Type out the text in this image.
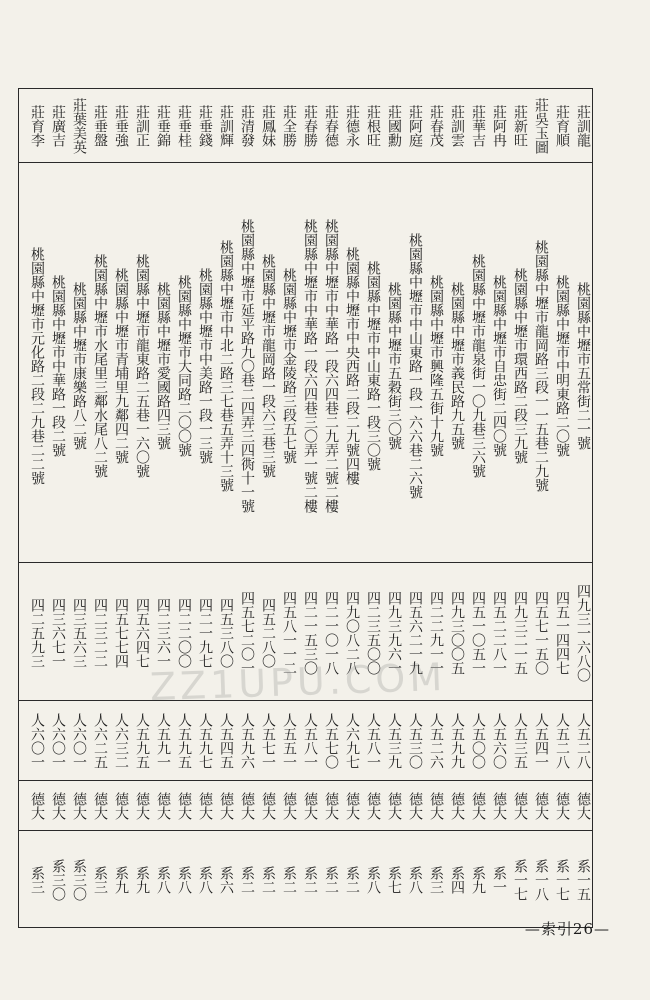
莊訓龍
莊育順
莊吳玉圖
莊新旺
莊阿冉
莊華吉
莊訓雲
莊春茂
莊阿庭
莊國勳
莊根旺
莊德永
莊春德
莊春勝
莊全勝
莊鳳妹
莊清發
莊訓輝
莊垂錢
莊垂桂
莊垂錦
莊訓正
莊垂強
莊垂盤
莊葉美英
莊廣吉
莊育李
桃園縣中壢市五常街二一號
桃園縣中壢市中明東路二〇號
桃園縣中壢市龍岡路三段一一五巷二九號
桃園縣中壢市環西路二段三九號
桃園縣中壢市自忠街二四〇號
桃園縣中壢市龍泉街一〇九巷三六號
桃園縣中壢市義民路九五號
桃園縣中壢市興隆五街十九號
桃園縣中壢市中山東路一段一六六巷二六號
桃園縣中壢市五穀街三〇號
桃園縣中壢市中山東路一段三〇號
桃園縣中壢市中央西路二段二九號四樓
桃園縣中壢市中華路一段六四巷二九弄二號二樓
桃園縣中壢市中華路一段六四巷三〇弄一號二樓
桃園縣中壢市金陵路三段五七號
桃園縣中壢市龍岡路一段六三巷三號
桃園縣中壢市延平路九〇巷二四弄三四衖十一號
桃園縣中壢市中北二路三七巷五弄十三號
桃園縣中壢市中美路一段一三號
桃園縣中壢市大同路二〇〇號
桃園縣中壢市愛國路四三號
桃園縣中壢市龍東路二五巷一六〇號
桃園縣中壢市青埔里九鄰四二號
桃園縣中壢市水尾里三鄰水尾八二號
桃園縣中壢市康樂路八二號
桃園縣中壢市中華路一段二號
桃園縣中壢市元化路二段二九巷二二號
四九三一六八〇
四五一四四七
四五七一五〇
四九三二一五
四五二二八一
四五一〇五一
四九三〇〇五
四二二九一一
四五六二一九
四九三九六一
四二三五〇〇
四九〇八二八
四二一〇一八
四二一五三〇
四五八一一二
四五二八〇
四五七二〇一
四五三八〇
四二一九七
四二二〇〇
四二三六一
四五六四七
四五七七四
四二三二二
四三五六三
四三六七一
四二五九三
人五二八
人五二八
人五四一
人五三五
人五六〇
人五〇〇
人五九九
人五二六
人五三〇
人五三九
人五八一
人六九七
人五七〇
人五八一
人五五一
人五七一
人五九六
人五四五
人五九七
人五九五
人五九一
人五九五
人六三二
人六二五
人六〇一
人六〇一
人六〇一
德大
德大
德大
德大
德大
德大
德大
德大
德大
德大
德大
德大
德大
德大
德大
德大
德大
德大
德大
德大
德大
德大
德大
德大
德大
德大
德大
系一五
系一七
系一八
系一七
系一
系九
系四
系三
系八
系七
系八
系二
系二
系二
系二
系二
系二
系六
系八
系八
系八
系九
系九
系三
系三〇
系三〇
系三
ZZ1UPU.COM
—索引26—
